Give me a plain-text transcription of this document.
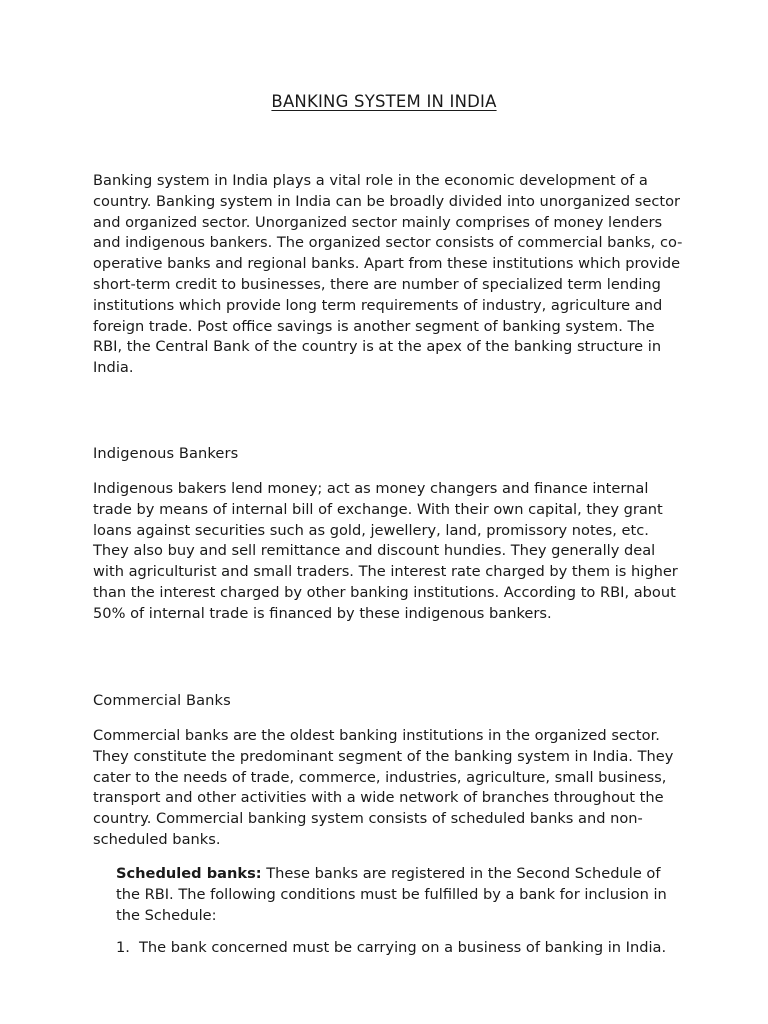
BANKING SYSTEM IN INDIA

Banking system in India plays a vital role in the economic development of a country. Banking system in India can be broadly divided into unorganized sector and organized sector. Unorganized sector mainly comprises of money lenders and indigenous bankers. The organized sector consists of commercial banks, co-operative banks and regional banks. Apart from these institutions which provide short-term credit to businesses, there are number of specialized term lending institutions which provide long term requirements of industry, agriculture and foreign trade. Post office savings is another segment of banking system. The RBI, the Central Bank of the country is at the apex of the banking structure in India.

Indigenous Bankers

Indigenous bakers lend money; act as money changers and finance internal trade by means of internal bill of exchange. With their own capital, they grant loans against securities such as gold, jewellery, land, promissory notes, etc. They also buy and sell remittance and discount hundies. They generally deal with agriculturist and small traders. The interest rate charged by them is higher than the interest charged by other banking institutions. According to RBI, about 50% of internal trade is financed by these indigenous bankers.

Commercial Banks

Commercial banks are the oldest banking institutions in the organized sector. They constitute the predominant segment of the banking system in India. They cater to the needs of trade, commerce, industries, agriculture, small business, transport and other activities with a wide network of branches throughout the country. Commercial banking system consists of scheduled banks and non-scheduled banks.

Scheduled banks: These banks are registered in the Second Schedule of the RBI. The following conditions must be fulfilled by a bank for inclusion in the Schedule:

1. The bank concerned must be carrying on a business of banking in India.
